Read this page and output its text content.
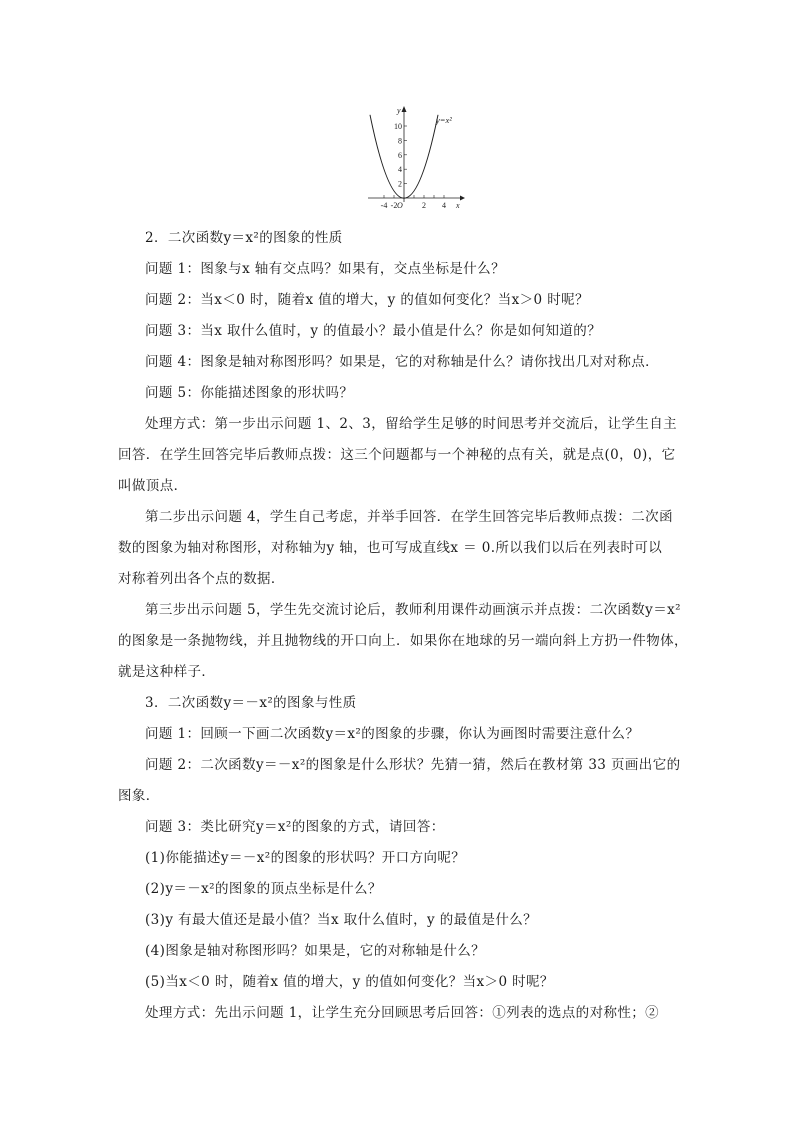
y=x²
y
x
O
10
8
6
4
2
-4 -2	2 4
2．二次函数y＝x²的图象的性质
问题 1：图象与x 轴有交点吗？如果有，交点坐标是什么？
问题 2：当x＜0 时，随着x 值的增大，y 的值如何变化？当x＞0 时呢？
问题 3：当x 取什么值时，y 的值最小？最小值是什么？你是如何知道的？
问题 4：图象是轴对称图形吗？如果是，它的对称轴是什么？请你找出几对对称点．
问题 5：你能描述图象的形状吗？
处理方式：第一步出示问题 1、2、3，留给学生足够的时间思考并交流后，让学生自主
回答．在学生回答完毕后教师点拨：这三个问题都与一个神秘的点有关，就是点(0，0)，它
叫做顶点．
第二步出示问题 4，学生自己考虑，并举手回答．在学生回答完毕后教师点拨：二次函
数的图象为轴对称图形，对称轴为y 轴，也可写成直线x ＝ 0.所以我们以后在列表时可以
对称着列出各个点的数据．
第三步出示问题 5，学生先交流讨论后，教师利用课件动画演示并点拨：二次函数y＝x²
的图象是一条抛物线，并且抛物线的开口向上．如果你在地球的另一端向斜上方扔一件物体，
就是这种样子．
3．二次函数y＝－x²的图象与性质
问题 1：回顾一下画二次函数y＝x²的图象的步骤，你认为画图时需要注意什么？
问题 2：二次函数y＝－x²的图象是什么形状？先猜一猜，然后在教材第 33 页画出它的
图象．
问题 3：类比研究y＝x²的图象的方式，请回答：
(1)你能描述y＝－x²的图象的形状吗？开口方向呢？
(2)y＝－x²的图象的顶点坐标是什么？
(3)y 有最大值还是最小值？当x 取什么值时，y 的最值是什么？
(4)图象是轴对称图形吗？如果是，它的对称轴是什么？
(5)当x＜0 时，随着x 值的增大，y 的值如何变化？当x＞0 时呢？
处理方式：先出示问题 1，让学生充分回顾思考后回答：①列表的选点的对称性；②
